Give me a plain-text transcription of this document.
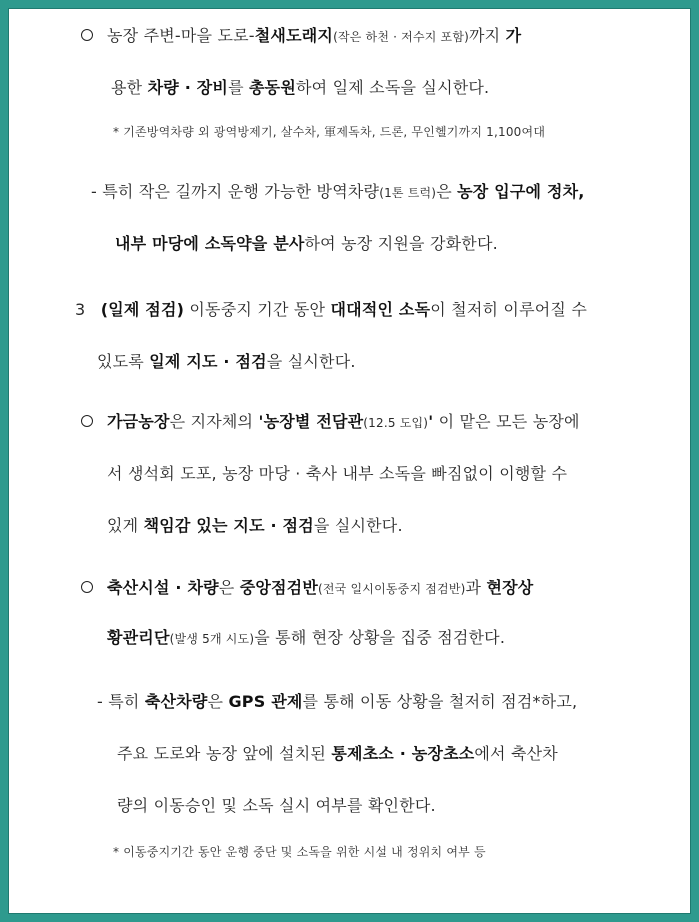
농장 주변-마을 도로-철새도래지(작은 하천 · 저수지 포함)까지 가
용한 차량 · 장비를 총동원하여 일제 소독을 실시한다.
* 기존방역차량 외 광역방제기, 살수차, 軍제독차, 드론, 무인헬기까지 1,100여대
- 특히 작은 길까지 운행 가능한 방역차량(1톤 트럭)은 농장 입구에 정차,
내부 마당에 소독약을 분사하여 농장 지원을 강화한다.
3 (일제 점검) 이동중지 기간 동안 대대적인 소독이 철저히 이루어질 수
있도록 일제 지도 · 점검을 실시한다.
가금농장은 지자체의 '농장별 전담관(12.5 도입)' 이 맡은 모든 농장에
서 생석회 도포, 농장 마당 · 축사 내부 소독을 빠짐없이 이행할 수
있게 책임감 있는 지도 · 점검을 실시한다.
축산시설 · 차량은 중앙점검반(전국 일시이동중지 점검반)과 현장상
황관리단(발생 5개 시도)을 통해 현장 상황을 집중 점검한다.
- 특히 축산차량은 GPS 관제를 통해 이동 상황을 철저히 점검*하고,
주요 도로와 농장 앞에 설치된 통제초소 · 농장초소에서 축산차
량의 이동승인 및 소독 실시 여부를 확인한다.
* 이동중지기간 동안 운행 중단 및 소독을 위한 시설 내 정위치 여부 등
